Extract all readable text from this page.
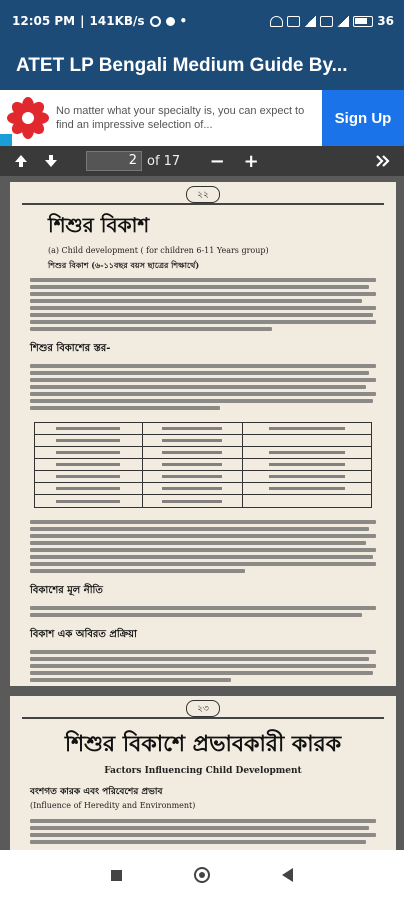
12:05 PM | 141KB/s	•	36
ATET LP Bengali Medium Guide By...
No matter what your specialty is, you can expect to find an impressive selection of...	Sign Up
2 of 17	−	+
২২
শিশুর বিকাশ
(a) Child development ( for children 6-11 Years group)
শিশুর বিকাশ (৬-১১বছর বয়স ছাত্রের শিক্ষার্থে)
শিশুর বিকাশের স্তর-
বিকাশের মূল নীতি
বিকাশ এক অবিরত প্রক্রিয়া
২৩
শিশুর বিকাশে প্রভাবকারী কারক
Factors Influencing Child Development
বংশগত কারক এবং পরিবেশের প্রভাব
(Influence of Heredity and Environment)
